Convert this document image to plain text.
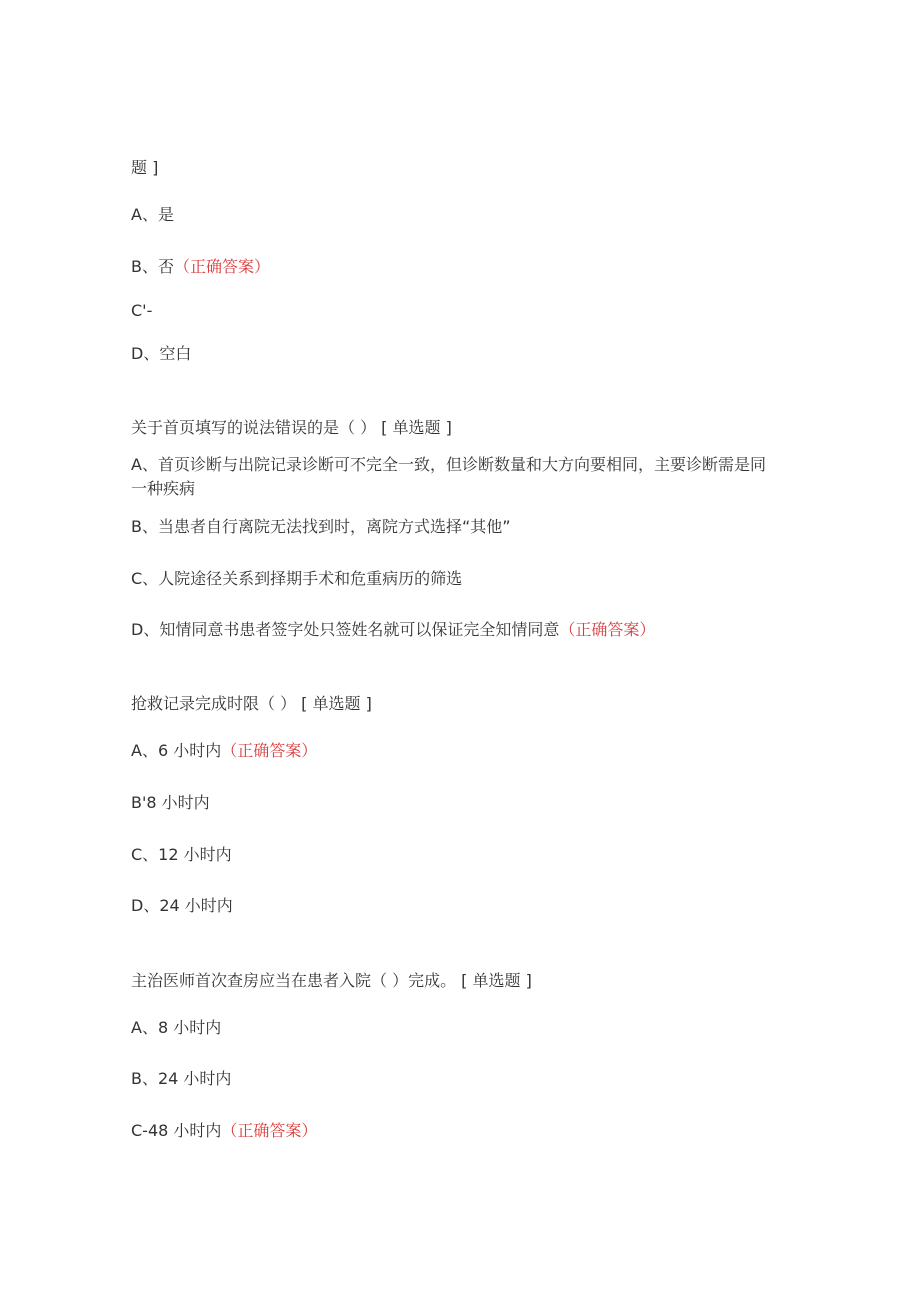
题 ]
A、是
B、否（正确答案）
C'-
D、空白
关于首页填写的说法错误的是（ ） [ 单选题 ]
A、首页诊断与出院记录诊断可不完全一致，但诊断数量和大方向要相同，主要诊断需是同一种疾病
B、当患者自行离院无法找到时，离院方式选择“其他”
C、人院途径关系到择期手术和危重病历的筛选
D、知情同意书患者签字处只签姓名就可以保证完全知情同意（正确答案）
抢救记录完成时限（ ） [ 单选题 ]
A、6 小时内（正确答案）
B'8 小时内
C、12 小时内
D、24 小时内
主治医师首次查房应当在患者入院（ ）完成。 [ 单选题 ]
A、8 小时内
B、24 小时内
C-48 小时内（正确答案）
